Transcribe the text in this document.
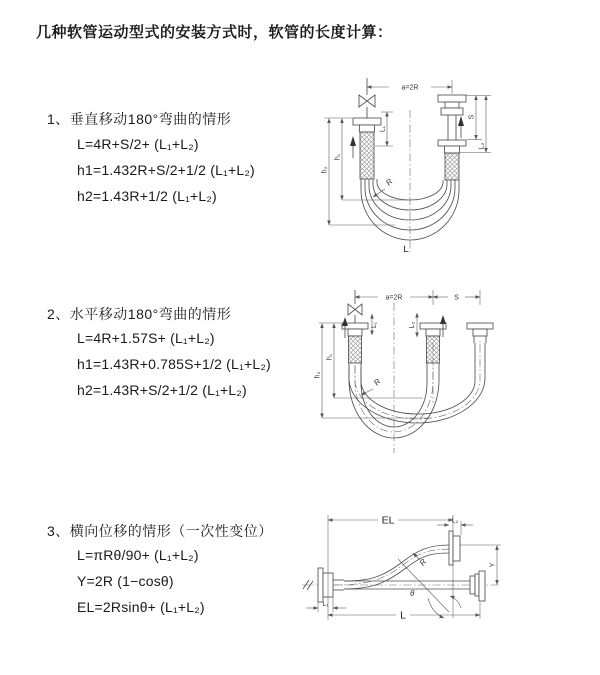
几种软管运动型式的安装方式时，软管的长度计算：
1、垂直移动180°弯曲的情形
L=4R+S/2+ (L₁+L₂)
h1=1.432R+S/2+1/2 (L₁+L₂)
h2=1.43R+1/2 (L₁+L₂)
2、水平移动180°弯曲的情形
L=4R+1.57S+ (L₁+L₂)
h1=1.43R+0.785S+1/2 (L₁+L₂)
h2=1.43R+S/2+1/2 (L₁+L₂)
3、横向位移的情形（一次性变位）
L=πRθ/90+ (L₁+L₂)
Y=2R (1−cosθ)
EL=2Rsinθ+ (L₁+L₂)
a=2R
S
L₂
L₁
h₁
h₂
R
L
a=2R	S
L₁	L₂
h₁
h₂
R
EL	L₂
Y
θ
R
L
L₁
